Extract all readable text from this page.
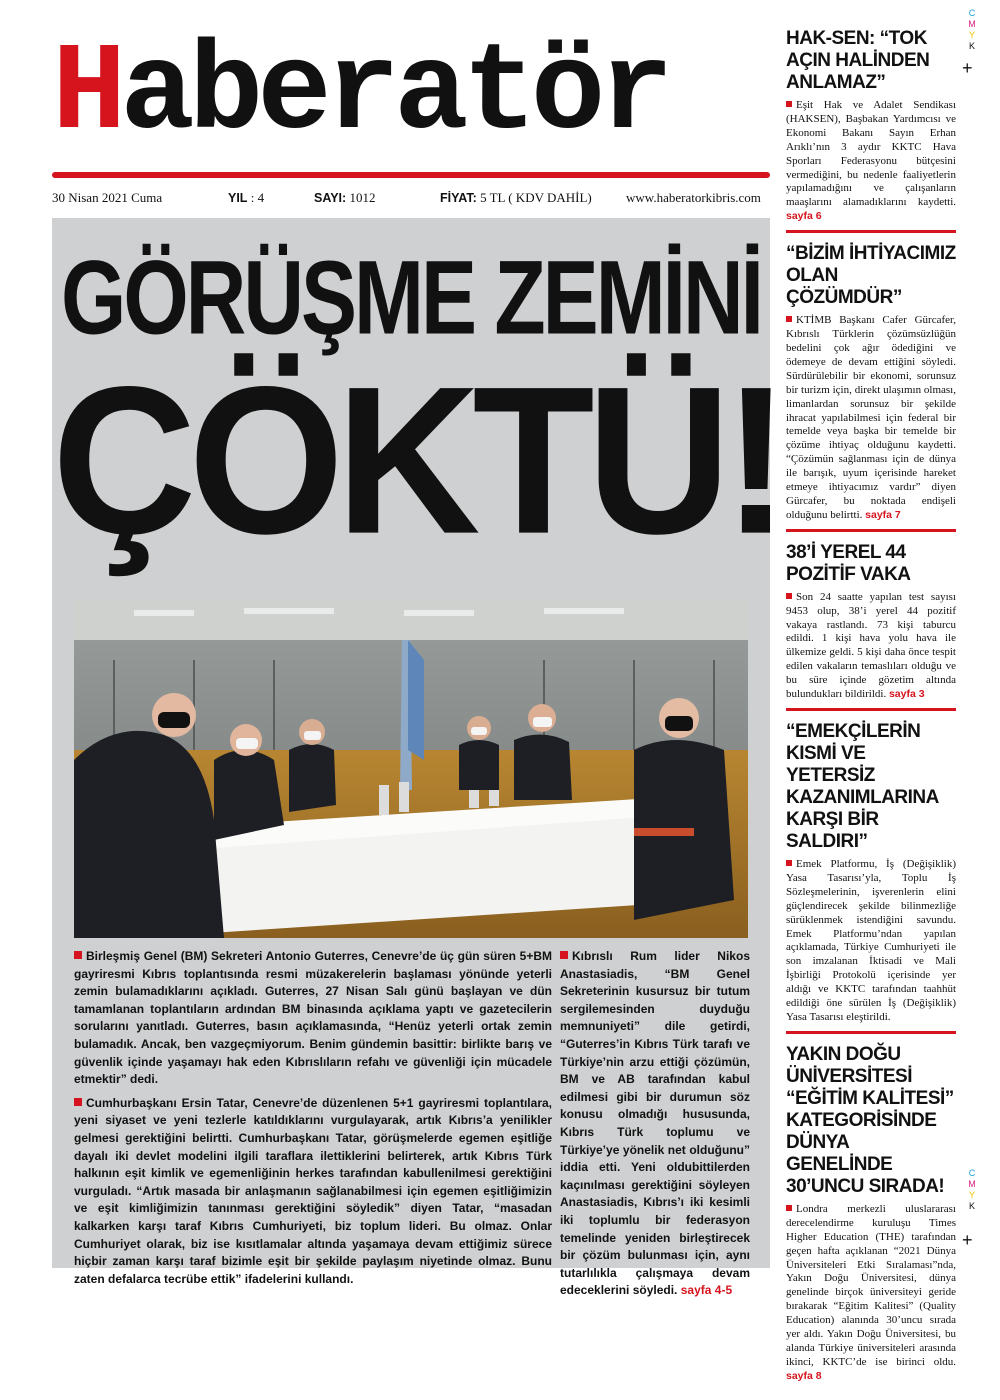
Haberatör
30 Nisan 2021 Cuma	YIL : 4	SAYI: 1012	FİYAT: 5 TL ( KDV DAHİL)	www.haberatorkibris.com
GÖRÜŞME ZEMİNİ
ÇÖKTÜ!

Birleşmiş Genel (BM) Sekreteri Antonio Guterres, Cenevre’de üç gün süren 5+BM gayriresmi Kıbrıs toplantısında resmi müzakerelerin başlaması yönünde yeterli zemin bulamadıklarını açıkladı. Guterres, 27 Nisan Salı günü başlayan ve dün tamamlanan toplantıların ardından BM binasında açıklama yaptı ve gazetecilerin sorularını yanıtladı. Guterres, basın açıklamasında, “Henüz yeterli ortak zemin bulamadık. Ancak, ben vazgeçmiyorum. Benim gündemin basittir: birlikte barış ve güvenlik içinde yaşamayı hak eden Kıbrıslıların refahı ve güvenliği için mücadele etmektir” dedi.

Cumhurbaşkanı Ersin Tatar, Cenevre’de düzenlenen 5+1 gayriresmi toplantılara, yeni siyaset ve yeni tezlerle katıldıklarını vurgulayarak, artık Kıbrıs’a yenilikler gelmesi gerektiğini belirtti. Cumhurbaşkanı Tatar, görüşmelerde egemen eşitliğe dayalı iki devlet modelini ilgili taraflara ilettiklerini belirterek, artık Kıbrıs Türk halkının eşit kimlik ve egemenliğinin herkes tarafından kabullenilmesi gerektiğini vurguladı. “Artık masada bir anlaşmanın sağlanabilmesi için egemen eşitliğimizin ve eşit kimliğimizin tanınması gerektiğini söyledik” diyen Tatar, “masadan kalkarken karşı taraf Kıbrıs Cumhuriyeti, biz toplum lideri. Bu olmaz. Onlar Cumhuriyet olarak, biz ise kısıtlamalar altında yaşamaya devam ettiğimiz sürece hiçbir zaman karşı taraf bizimle eşit bir şekilde paylaşım niyetinde olmaz. Bunu zaten defalarca tecrübe ettik” ifadelerini kullandı.

Kıbrıslı Rum lider Nikos Anastasiadis, “BM Genel Sekreterinin kusursuz bir tutum sergilemesinden duyduğu memnuniyeti” dile getirdi, “Guterres’in Kıbrıs Türk tarafı ve Türkiye’nin arzu ettiği çözümün, BM ve AB tarafından kabul edilmesi gibi bir durumun söz konusu olmadığı hususunda, Kıbrıs Türk toplumu ve Türkiye’ye yönelik net olduğunu” iddia etti. Yeni oldubittilerden kaçınılması gerektiğini söyleyen Anastasiadis, Kıbrıs’ı iki kesimli iki toplumlu bir federasyon temelinde yeniden birleştirecek bir çözüm bulunması için, aynı tutarlılıkla çalışmaya devam edeceklerini söyledi. sayfa 4-5

HAK-SEN: “TOK AÇIN HALİNDEN ANLAMAZ”
Eşit Hak ve Adalet Sendikası (HAKSEN), Başbakan Yardımcısı ve Ekonomi Bakanı Sayın Erhan Arıklı’nın 3 aydır KKTC Hava Sporları Federasyonu bütçesini vermediğini, bu nedenle faaliyetlerin yapılamadığını ve çalışanların maaşlarını alamadıklarını kaydetti. sayfa 6
“BİZİM İHTİYACIMIZ OLAN ÇÖZÜMDÜR”
KTİMB Başkanı Cafer Gürcafer, Kıbrıslı Türklerin çözümsüzlüğün bedelini çok ağır ödediğini ve ödemeye de devam ettiğini söyledi. Sürdürülebilir bir ekonomi, sorunsuz bir turizm için, direkt ulaşımın olması, limanlardan sorunsuz bir şekilde ihracat yapılabilmesi için federal bir temelde veya başka bir temelde bir çözüme ihtiyaç olduğunu kaydetti. “Çözümün sağlanması için de dünya ile barışık, uyum içerisinde hareket etmeye ihtiyacımız vardır” diyen Gürcafer, bu noktada endişeli olduğunu belirtti. sayfa 7
38’İ YEREL 44 POZİTİF VAKA
Son 24 saatte yapılan test sayısı 9453 olup, 38’i yerel 44 pozitif vakaya rastlandı. 73 kişi taburcu edildi. 1 kişi hava yolu hava ile ülkemize geldi. 5 kişi daha önce tespit edilen vakaların temaslıları olduğu ve bu süre içinde gözetim altında bulundukları bildirildi. sayfa 3
“EMEKÇİLERİN KISMİ VE YETERSİZ KAZANIMLARINA KARŞI BİR SALDIRI”
Emek Platformu, İş (Değişiklik) Yasa Tasarısı’yla, Toplu İş Sözleşmelerinin, işverenlerin elini güçlendirecek şekilde bilinmezliğe sürüklenmek istendiğini savundu. Emek Platformu’ndan yapılan açıklamada, Türkiye Cumhuriyeti ile son imzalanan İktisadi ve Mali İşbirliği Protokolü içerisinde yer aldığı ve KKTC tarafından taahhüt edildiği öne sürülen İş (Değişiklik) Yasa Tasarısı eleştirildi.
YAKIN DOĞU ÜNİVERSİTESİ “EĞİTİM KALİTESİ” KATEGORİSİNDE DÜNYA GENELİNDE 30’UNCU SIRADA!
Londra merkezli uluslararası derecelendirme kuruluşu Times Higher Education (THE) tarafından geçen hafta açıklanan “2021 Dünya Üniversiteleri Etki Sıralaması”nda, Yakın Doğu Üniversitesi, dünya genelinde birçok üniversiteyi geride bırakarak “Eğitim Kalitesi” (Quality Education) alanında 30’uncu sırada yer aldı. Yakın Doğu Üniversitesi, bu alanda Türkiye üniversiteleri arasında ikinci, KKTC’de ise birinci oldu. sayfa 8
C
M
Y
K
+
C
M
Y
K
+
